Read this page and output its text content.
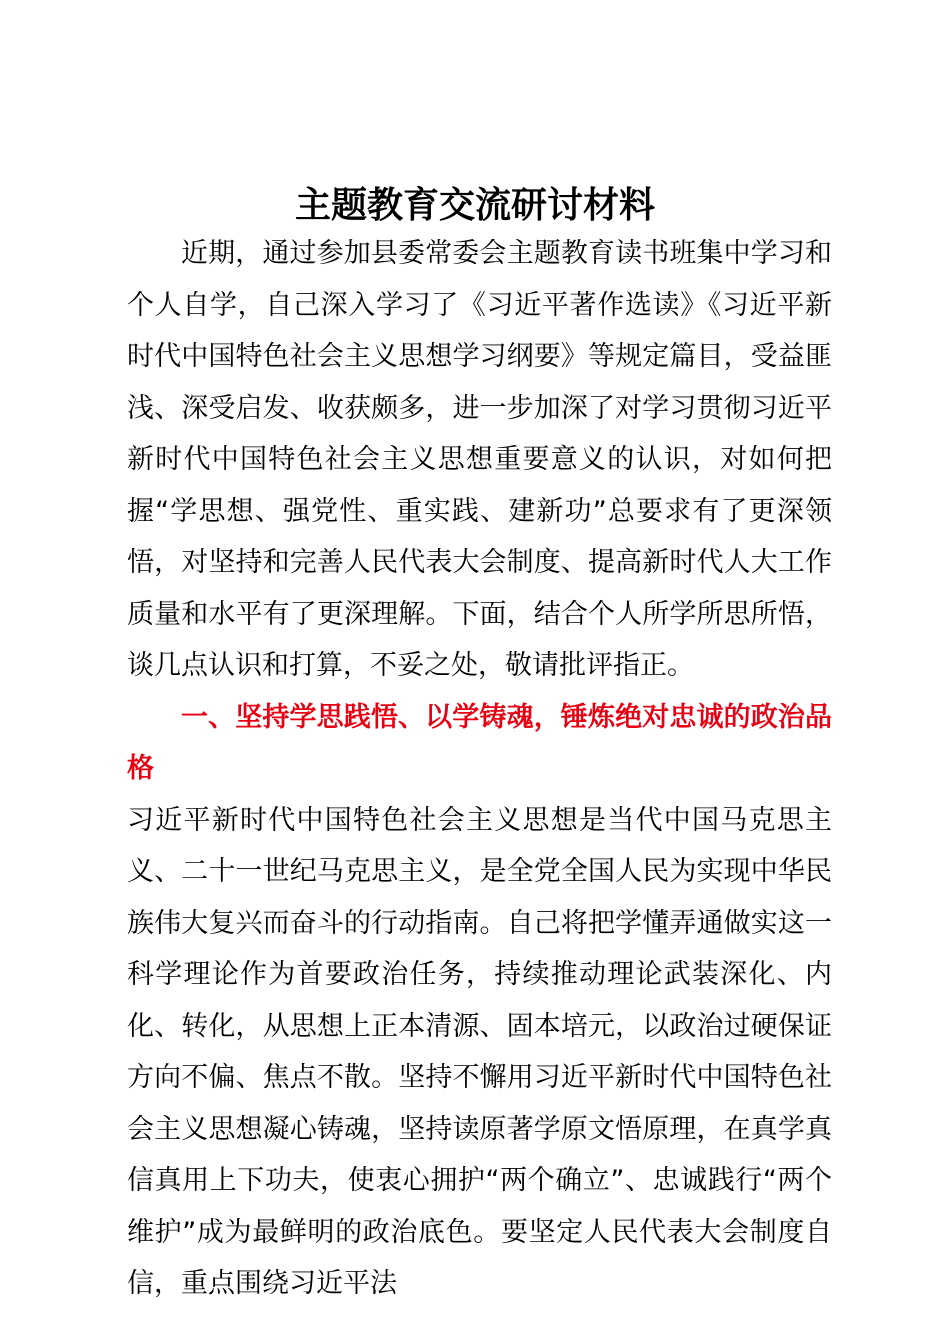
主题教育交流研讨材料

近期，通过参加县委常委会主题教育读书班集中学习和个人自学，自己深入学习了《习近平著作选读》《习近平新时代中国特色社会主义思想学习纲要》等规定篇目，受益匪浅、深受启发、收获颇多，进一步加深了对学习贯彻习近平新时代中国特色社会主义思想重要意义的认识，对如何把握“学思想、强党性、重实践、建新功”总要求有了更深领悟，对坚持和完善人民代表大会制度、提高新时代人大工作质量和水平有了更深理解。下面，结合个人所学所思所悟，谈几点认识和打算，不妥之处，敬请批评指正。

一、坚持学思践悟、以学铸魂，锤炼绝对忠诚的政治品格

习近平新时代中国特色社会主义思想是当代中国马克思主义、二十一世纪马克思主义，是全党全国人民为实现中华民族伟大复兴而奋斗的行动指南。自己将把学懂弄通做实这一科学理论作为首要政治任务，持续推动理论武装深化、内化、转化，从思想上正本清源、固本培元，以政治过硬保证方向不偏、焦点不散。坚持不懈用习近平新时代中国特色社会主义思想凝心铸魂，坚持读原著学原文悟原理，在真学真信真用上下功夫，使衷心拥护“两个确立”、忠诚践行“两个维护”成为最鲜明的政治底色。要坚定人民代表大会制度自信，重点围绕习近平法
